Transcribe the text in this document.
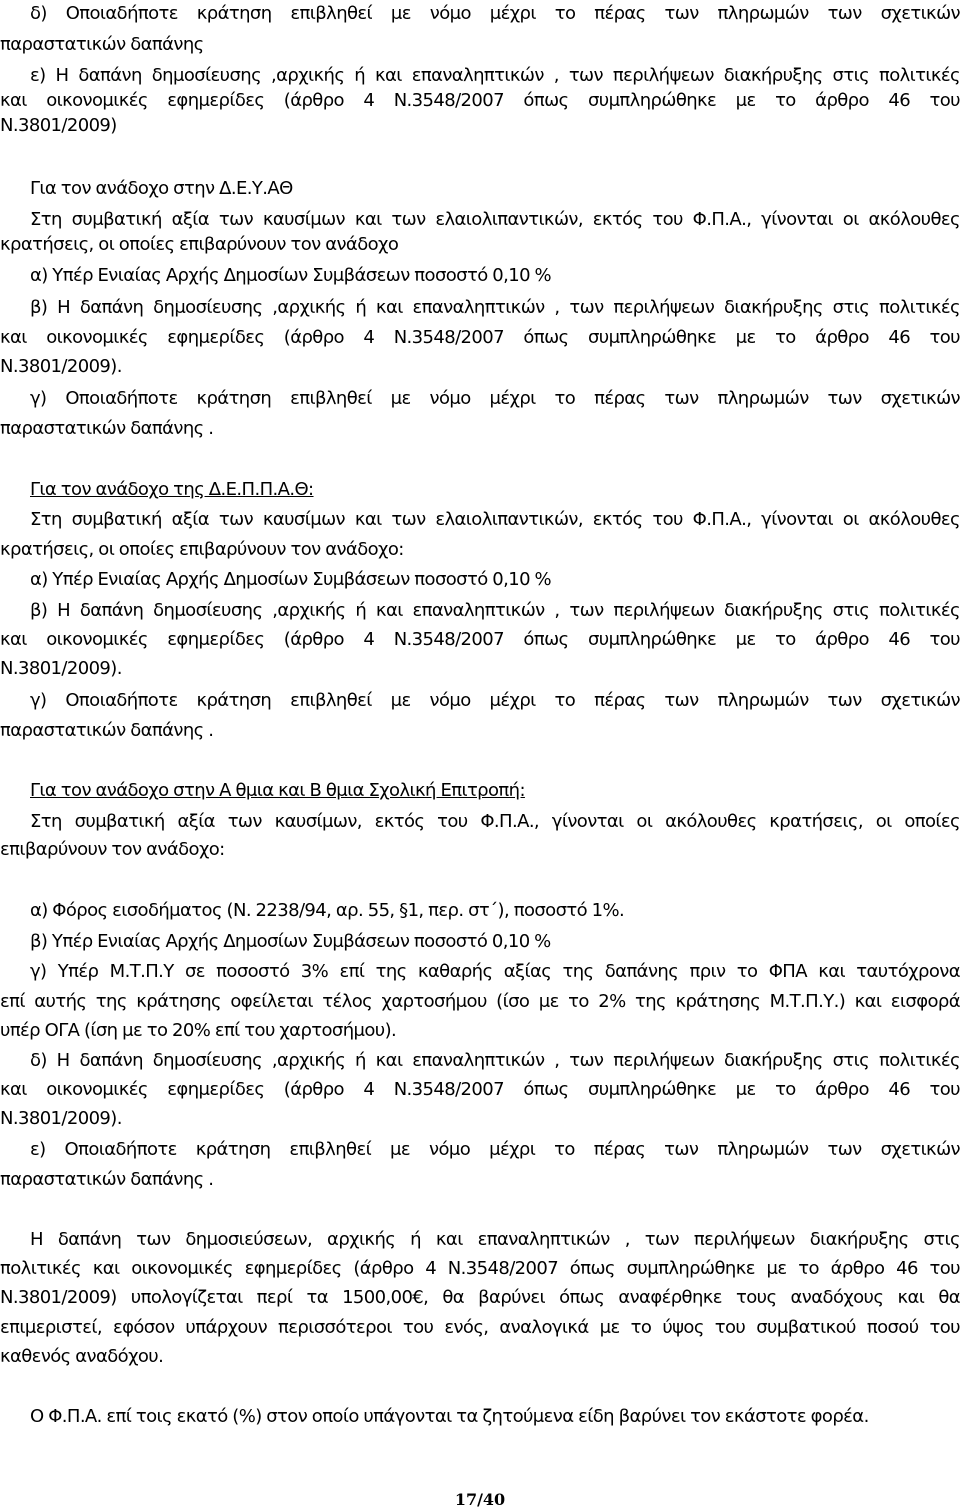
δ) Οποιαδήποτε κράτηση επιβληθεί με νόμο μέχρι το πέρας των πληρωμών των σχετικών

παραστατικών δαπάνης

ε) Η δαπάνη δημοσίευσης ,αρχικής ή και επαναληπτικών , των περιλήψεων διακήρυξης στις πολιτικές

και οικονομικές εφημερίδες (άρθρο 4 Ν.3548/2007 όπως συμπληρώθηκε με το άρθρο 46 του

Ν.3801/2009)

Για τον ανάδοχο στην Δ.Ε.Υ.ΑΘ

Στη συμβατική αξία των καυσίμων και των ελαιολιπαντικών, εκτός του Φ.Π.Α., γίνονται οι ακόλουθες

κρατήσεις, οι οποίες επιβαρύνουν τον ανάδοχο

α) Υπέρ Ενιαίας Αρχής Δημοσίων Συμβάσεων ποσοστό 0,10 %

β) Η δαπάνη δημοσίευσης ,αρχικής ή και επαναληπτικών , των περιλήψεων διακήρυξης στις πολιτικές

και οικονομικές εφημερίδες (άρθρο 4 Ν.3548/2007 όπως συμπληρώθηκε με το άρθρο 46 του

Ν.3801/2009).

γ) Οποιαδήποτε κράτηση επιβληθεί με νόμο μέχρι το πέρας των πληρωμών των σχετικών

παραστατικών δαπάνης .

Για τον ανάδοχο της Δ.Ε.Π.Π.Α.Θ:

Στη συμβατική αξία των καυσίμων και των ελαιολιπαντικών, εκτός του Φ.Π.Α., γίνονται οι ακόλουθες

κρατήσεις, οι οποίες επιβαρύνουν τον ανάδοχο:

α) Υπέρ Ενιαίας Αρχής Δημοσίων Συμβάσεων ποσοστό 0,10 %

β) Η δαπάνη δημοσίευσης ,αρχικής ή και επαναληπτικών , των περιλήψεων διακήρυξης στις πολιτικές

και οικονομικές εφημερίδες (άρθρο 4 Ν.3548/2007 όπως συμπληρώθηκε με το άρθρο 46 του

Ν.3801/2009).

γ) Οποιαδήποτε κράτηση επιβληθεί με νόμο μέχρι το πέρας των πληρωμών των σχετικών

παραστατικών δαπάνης .

Για τον ανάδοχο στην Α θμια και Β θμια Σχολική Επιτροπή:

Στη συμβατική αξία των καυσίμων, εκτός του Φ.Π.Α., γίνονται οι ακόλουθες κρατήσεις, οι οποίες

επιβαρύνουν τον ανάδοχο:

α) Φόρος εισοδήματος (Ν. 2238/94, αρ. 55, §1, περ. στ΄), ποσοστό 1%.

β) Υπέρ Ενιαίας Αρχής Δημοσίων Συμβάσεων ποσοστό 0,10 %

γ) Υπέρ Μ.Τ.Π.Υ σε ποσοστό 3% επί της καθαρής αξίας της δαπάνης πριν το ΦΠΑ και ταυτόχρονα

επί αυτής της κράτησης οφείλεται τέλος χαρτοσήμου (ίσο με το 2% της κράτησης Μ.Τ.Π.Υ.) και εισφορά

υπέρ ΟΓΑ (ίση με το 20% επί του χαρτοσήμου).

δ) Η δαπάνη δημοσίευσης ,αρχικής ή και επαναληπτικών , των περιλήψεων διακήρυξης στις πολιτικές

και οικονομικές εφημερίδες (άρθρο 4 Ν.3548/2007 όπως συμπληρώθηκε με το άρθρο 46 του

Ν.3801/2009).

ε) Οποιαδήποτε κράτηση επιβληθεί με νόμο μέχρι το πέρας των πληρωμών των σχετικών

παραστατικών δαπάνης .

Η δαπάνη των δημοσιεύσεων, αρχικής ή και επαναληπτικών , των περιλήψεων διακήρυξης στις

πολιτικές και οικονομικές εφημερίδες (άρθρο 4 Ν.3548/2007 όπως συμπληρώθηκε με το άρθρο 46 του

Ν.3801/2009) υπολογίζεται περί τα 1500,00€, θα βαρύνει όπως αναφέρθηκε τους αναδόχους και θα

επιμεριστεί, εφόσον υπάρχουν περισσότεροι του ενός, αναλογικά με το ύψος του συμβατικού ποσού του

καθενός αναδόχου.

Ο Φ.Π.Α. επί τοις εκατό (%) στον οποίο υπάγονται τα ζητούμενα είδη βαρύνει τον εκάστοτε φορέα.

17/40
